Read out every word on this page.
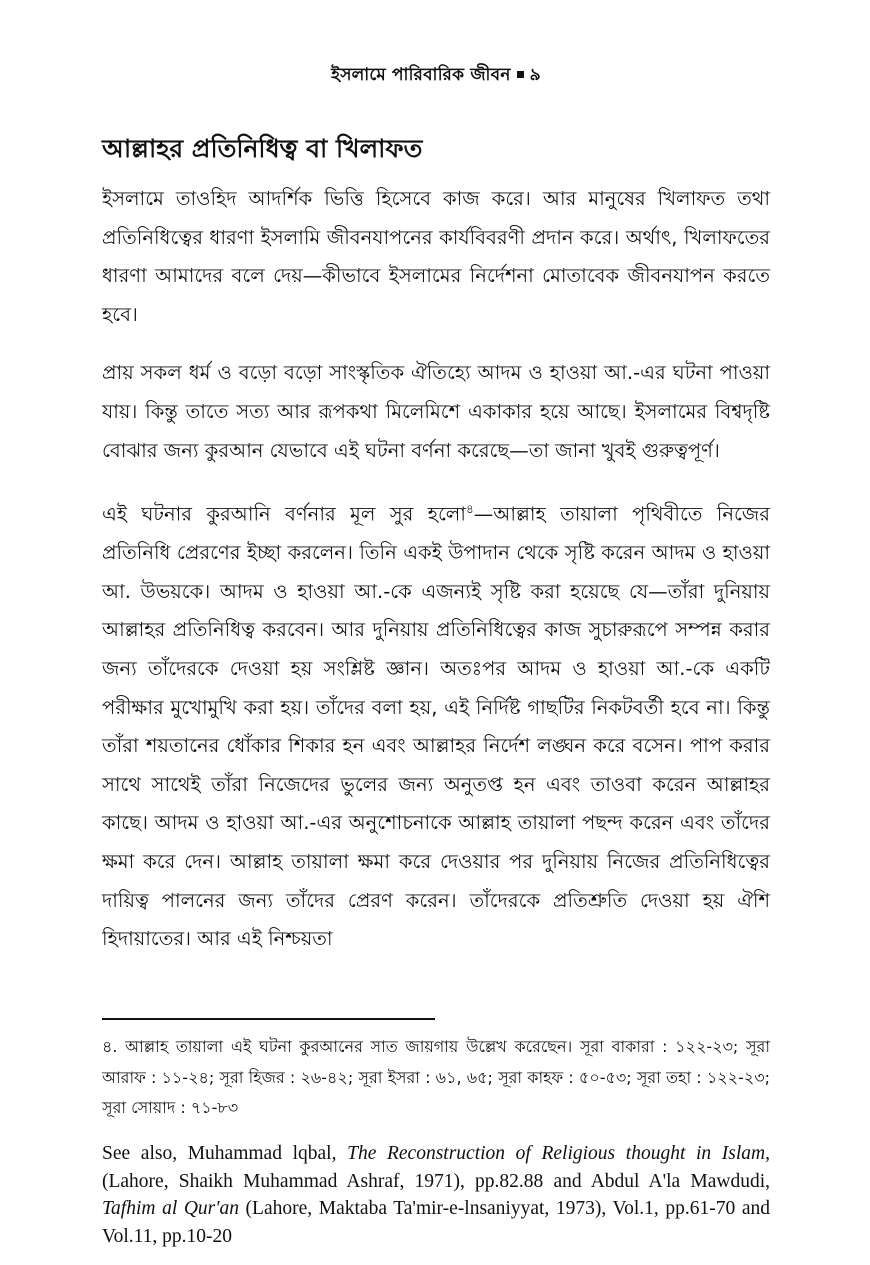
ইসলামে পারিবারিক জীবন ৯
আল্লাহর প্রতিনিধিত্ব বা খিলাফত

ইসলামে তাওহিদ আদর্শিক ভিত্তি হিসেবে কাজ করে। আর মানুষের খিলাফত তথা প্রতিনিধিত্বের ধারণা ইসলামি জীবনযাপনের কার্যবিবরণী প্রদান করে। অর্থাৎ, খিলাফতের ধারণা আমাদের বলে দেয়—কীভাবে ইসলামের নির্দেশনা মোতাবেক জীবনযাপন করতে হবে।

প্রায় সকল ধর্ম ও বড়ো বড়ো সাংস্কৃতিক ঐতিহ্যে আদম ও হাওয়া আ.-এর ঘটনা পাওয়া যায়। কিন্তু তাতে সত্য আর রূপকথা মিলেমিশে একাকার হয়ে আছে। ইসলামের বিশ্বদৃষ্টি বোঝার জন্য কুরআন যেভাবে এই ঘটনা বর্ণনা করেছে—তা জানা খুবই গুরুত্বপূর্ণ।

এই ঘটনার কুরআনি বর্ণনার মূল সুর হলো$^৪$—আল্লাহ তায়ালা পৃথিবীতে নিজের প্রতিনিধি প্রেরণের ইচ্ছা করলেন। তিনি একই উপাদান থেকে সৃষ্টি করেন আদম ও হাওয়া আ. উভয়কে। আদম ও হাওয়া আ.-কে এজন্যই সৃষ্টি করা হয়েছে যে—তাঁরা দুনিয়ায় আল্লাহর প্রতিনিধিত্ব করবেন। আর দুনিয়ায় প্রতিনিধিত্বের কাজ সুচারুরূপে সম্পন্ন করার জন্য তাঁদেরকে দেওয়া হয় সংশ্লিষ্ট জ্ঞান। অতঃপর আদম ও হাওয়া আ.-কে একটি পরীক্ষার মুখোমুখি করা হয়। তাঁদের বলা হয়, এই নির্দিষ্ট গাছটির নিকটবর্তী হবে না। কিন্তু তাঁরা শয়তানের ধোঁকার শিকার হন এবং আল্লাহর নির্দেশ লঙ্ঘন করে বসেন। পাপ করার সাথে সাথেই তাঁরা নিজেদের ভুলের জন্য অনুতপ্ত হন এবং তাওবা করেন আল্লাহর কাছে। আদম ও হাওয়া আ.-এর অনুশোচনাকে আল্লাহ তায়ালা পছন্দ করেন এবং তাঁদের ক্ষমা করে দেন। আল্লাহ তায়ালা ক্ষমা করে দেওয়ার পর দুনিয়ায় নিজের প্রতিনিধিত্বের দায়িত্ব পালনের জন্য তাঁদের প্রেরণ করেন। তাঁদেরকে প্রতিশ্রুতি দেওয়া হয় ঐশি হিদায়াতের। আর এই নিশ্চয়তা

৪. আল্লাহ তায়ালা এই ঘটনা কুরআনের সাত জায়গায় উল্লেখ করেছেন। সূরা বাকারা : ১২২-২৩; সূরা আরাফ : ১১-২৪; সূরা হিজর : ২৬-৪২; সূরা ইসরা : ৬১, ৬৫; সূরা কাহফ : ৫০-৫৩; সূরা তহা : ১২২-২৩; সূরা সোয়াদ : ৭১-৮৩

See also, Muhammad lqbal, The Reconstruction of Religious thought in Islam, (Lahore, Shaikh Muhammad Ashraf, 1971), pp.82.88 and Abdul A'la Mawdudi, Tafhim al Qur'an (Lahore, Maktaba Ta'mir-e-lnsaniyyat, 1973), Vol.1, pp.61-70 and Vol.11, pp.10-20
